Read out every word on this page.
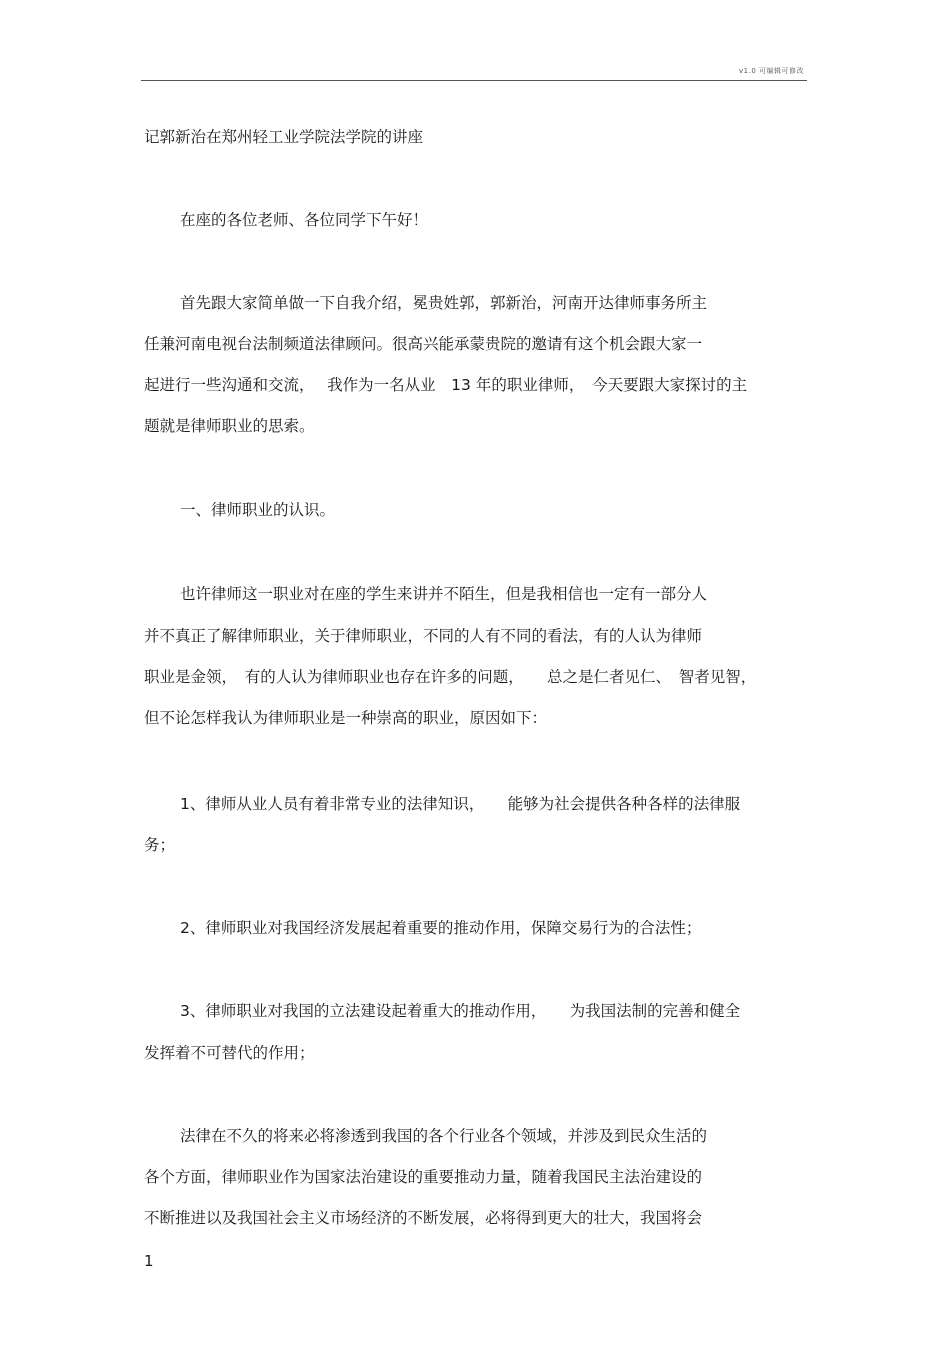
v1.0 可编辑可修改
记郭新治在郑州轻工业学院法学院的讲座
在座的各位老师、各位同学下午好！
首先跟大家简单做一下自我介绍，冕贵姓郭，郭新治，河南开达律师事务所主
任兼河南电视台法制频道法律顾问。很高兴能承蒙贵院的邀请有这个机会跟大家一
起进行一些沟通和交流，　 我作为一名从业　13 年的职业律师，　今天要跟大家探讨的主
题就是律师职业的思索。
一、律师职业的认识。
也许律师这一职业对在座的学生来讲并不陌生，但是我相信也一定有一部分人
并不真正了解律师职业，关于律师职业，不同的人有不同的看法，有的人认为律师
职业是金领，　有的人认为律师职业也存在许多的问题，　　总之是仁者见仁、　智者见智，
但不论怎样我认为律师职业是一种崇高的职业，原因如下：
1、律师从业人员有着非常专业的法律知识，　　能够为社会提供各种各样的法律服
务；
2、律师职业对我国经济发展起着重要的推动作用，保障交易行为的合法性；
3、律师职业对我国的立法建设起着重大的推动作用，　　为我国法制的完善和健全
发挥着不可替代的作用；
法律在不久的将来必将渗透到我国的各个行业各个领域，并涉及到民众生活的
各个方面，律师职业作为国家法治建设的重要推动力量，随着我国民主法治建设的
不断推进以及我国社会主义市场经济的不断发展，必将得到更大的壮大，我国将会
1
